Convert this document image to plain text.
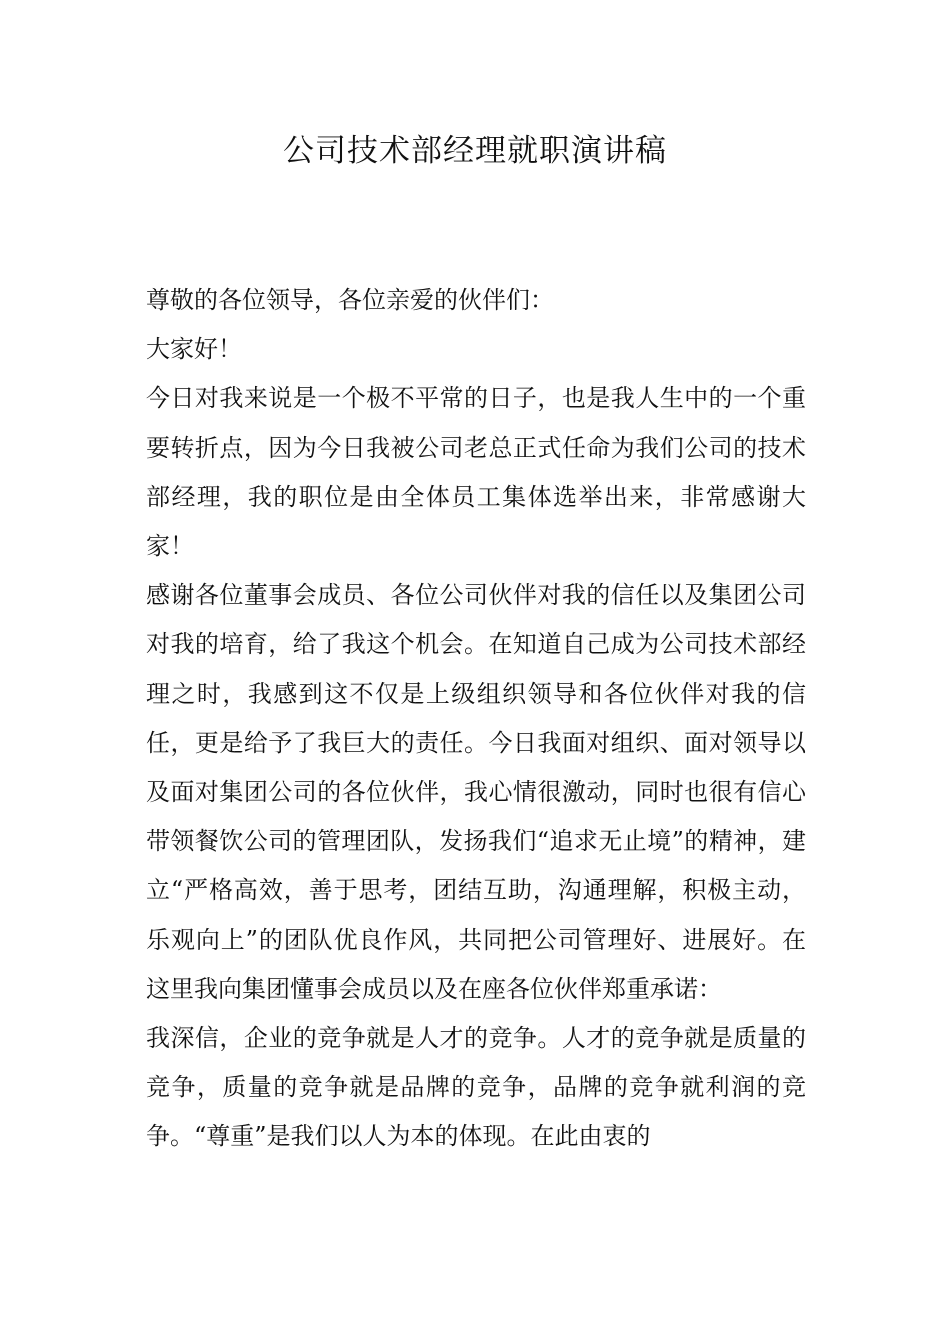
公司技术部经理就职演讲稿

尊敬的各位领导，各位亲爱的伙伴们：

大家好！

今日对我来说是一个极不平常的日子，也是我人生中的一个重要转折点，因为今日我被公司老总正式任命为我们公司的技术部经理，我的职位是由全体员工集体选举出来，非常感谢大家！

感谢各位董事会成员、各位公司伙伴对我的信任以及集团公司对我的培育，给了我这个机会。在知道自己成为公司技术部经理之时，我感到这不仅是上级组织领导和各位伙伴对我的信任，更是给予了我巨大的责任。今日我面对组织、面对领导以及面对集团公司的各位伙伴，我心情很激动，同时也很有信心带领餐饮公司的管理团队，发扬我们“追求无止境”的精神，建立“严格高效，善于思考，团结互助，沟通理解，积极主动，乐观向上”的团队优良作风，共同把公司管理好、进展好。在这里我向集团懂事会成员以及在座各位伙伴郑重承诺：

我深信，企业的竞争就是人才的竞争。人才的竞争就是质量的竞争，质量的竞争就是品牌的竞争，品牌的竞争就利润的竞争。“尊重”是我们以人为本的体现。在此由衷的
